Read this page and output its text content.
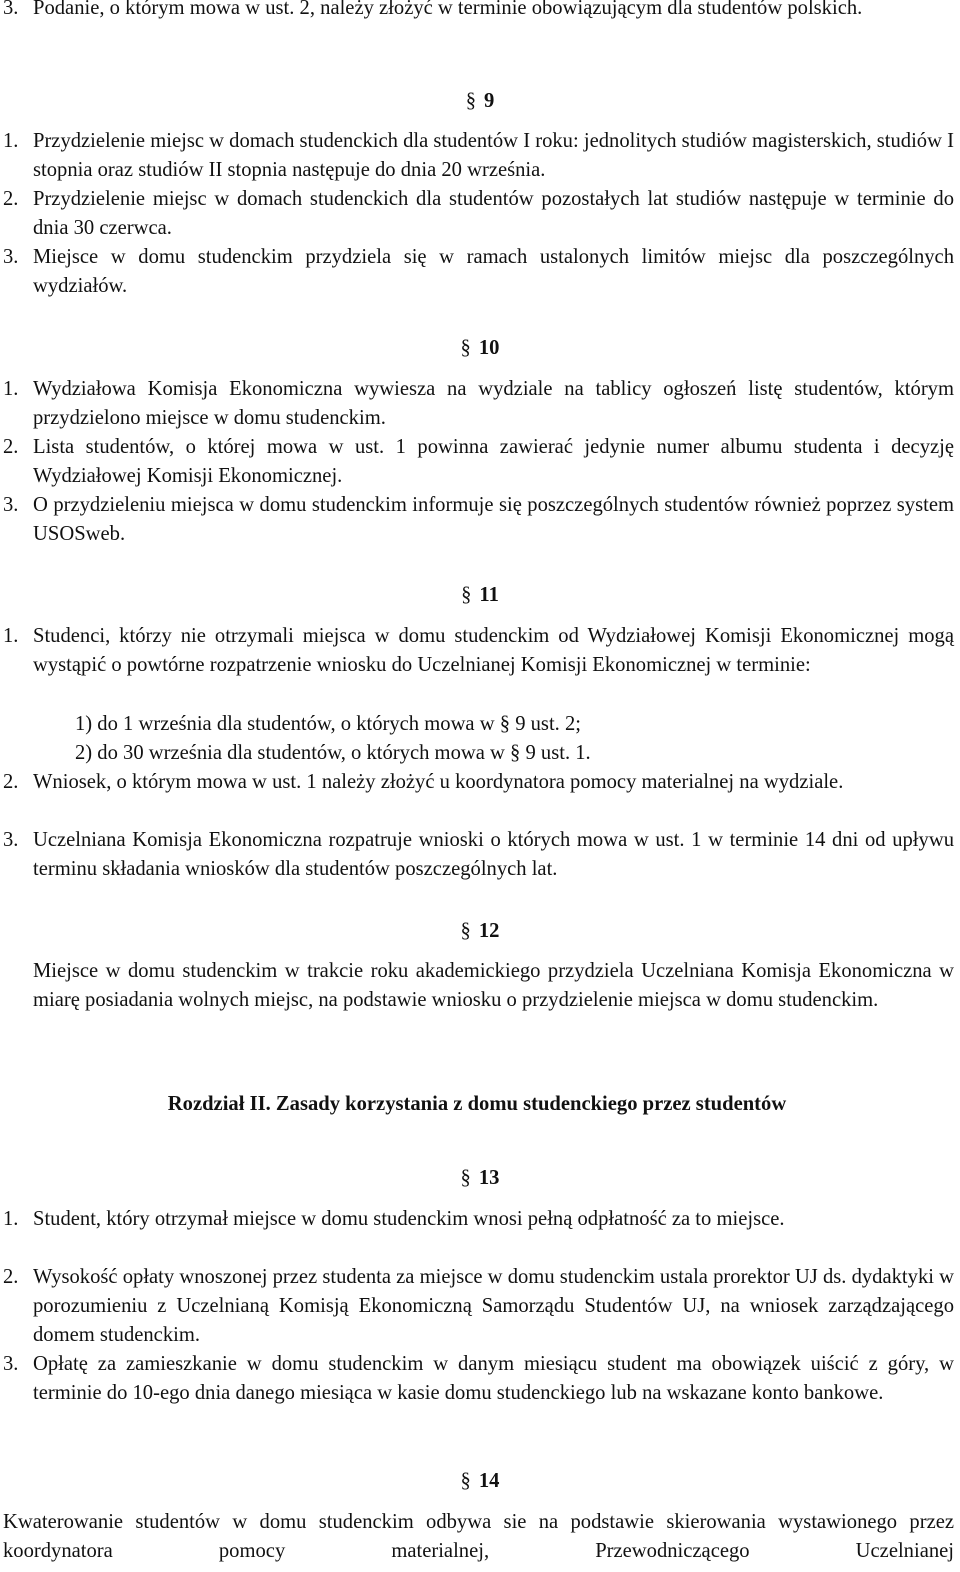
3. Podanie, o którym mowa w ust. 2, należy złożyć w terminie obowiązującym dla studentów polskich.
§ 9
1. Przydzielenie miejsc w domach studenckich dla studentów I roku: jednolitych studiów magisterskich, studiów I stopnia oraz studiów II stopnia następuje do dnia 20 września.
2. Przydzielenie miejsc w domach studenckich dla studentów pozostałych lat studiów następuje w terminie do dnia 30 czerwca.
3. Miejsce w domu studenckim przydziela się w ramach ustalonych limitów miejsc dla poszczególnych wydziałów.
§ 10
1. Wydziałowa Komisja Ekonomiczna wywiesza na wydziale na tablicy ogłoszeń listę studentów, którym przydzielono miejsce w domu studenckim.
2. Lista studentów, o której mowa w ust. 1 powinna zawierać jedynie numer albumu studenta i decyzję Wydziałowej Komisji Ekonomicznej.
3. O przydzieleniu miejsca w domu studenckim informuje się poszczególnych studentów również poprzez system USOSweb.
§ 11
1. Studenci, którzy nie otrzymali miejsca w domu studenckim od Wydziałowej Komisji Ekonomicznej mogą wystąpić o powtórne rozpatrzenie wniosku do Uczelnianej Komisji Ekonomicznej w terminie:
1) do 1 września dla studentów, o których mowa w § 9 ust. 2;
2) do 30 września dla studentów, o których mowa w § 9 ust. 1.
2. Wniosek, o którym mowa w ust. 1 należy złożyć u koordynatora pomocy materialnej na wydziale.
3. Uczelniana Komisja Ekonomiczna rozpatruje wnioski o których mowa w ust. 1 w terminie 14 dni od upływu terminu składania wniosków dla studentów poszczególnych lat.
§ 12
Miejsce w domu studenckim w trakcie roku akademickiego przydziela Uczelniana Komisja Ekonomiczna w miarę posiadania wolnych miejsc, na podstawie wniosku o przydzielenie miejsca w domu studenckim.
Rozdział II. Zasady korzystania z domu studenckiego przez studentów
§ 13
1. Student, który otrzymał miejsce w domu studenckim wnosi pełną odpłatność za to miejsce.
2. Wysokość opłaty wnoszonej przez studenta za miejsce w domu studenckim ustala prorektor UJ ds. dydaktyki w porozumieniu z Uczelnianą Komisją Ekonomiczną Samorządu Studentów UJ, na wniosek zarządzającego domem studenckim.
3. Opłatę za zamieszkanie w domu studenckim w danym miesiącu student ma obowiązek uiścić z góry, w terminie do 10-ego dnia danego miesiąca w kasie domu studenckiego lub na wskazane konto bankowe.
§ 14
Kwaterowanie studentów w domu studenckim odbywa sie na podstawie skierowania wystawionego przez koordynatora pomocy materialnej, Przewodniczącego Uczelnianej
